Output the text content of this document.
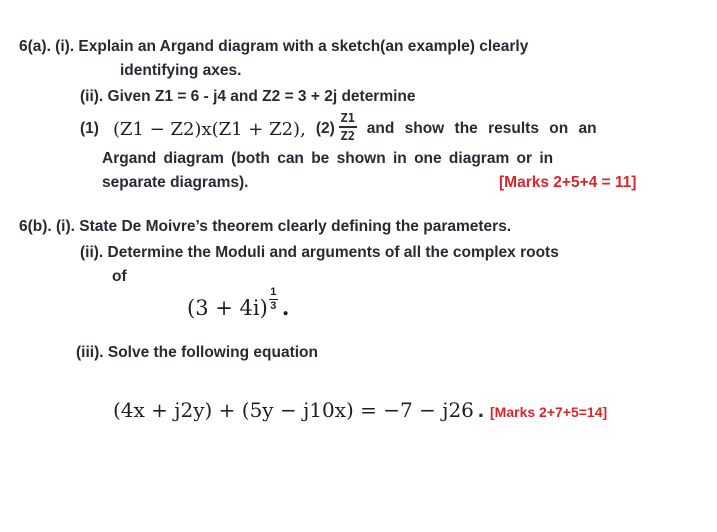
6(a). (i). Explain an Argand diagram with a sketch(an example) clearly
identifying axes.
(ii). Given Z1 = 6 - j4 and Z2 = 3 + 2j determine
(1) (Z1 − Z2)x(Z1 + Z2), $(2) \frac{Z1}{Z2}$ and show the results on an
Argand diagram (both can be shown in one diagram or in
separate diagrams).	[Marks 2+5+4 = 11]
6(b). (i). State De Moivre’s theorem clearly defining the parameters.
(ii). Determine the Moduli and arguments of all the complex roots
of
$(3 + 4i) \frac{1}{3}$ .
(iii). Solve the following equation
(4x + j2y) + (5y − j10x) = −7 − j26 . [Marks 2+7+5=14]
